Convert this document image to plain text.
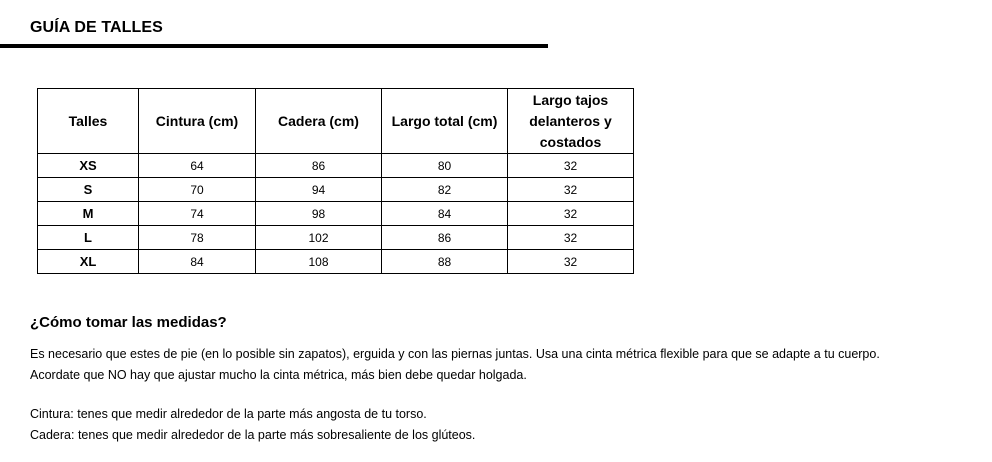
GUÍA DE TALLES
Talles	Cintura (cm)	Cadera (cm)	Largo total (cm)	Largo tajos delanteros y costados
XS	64	86	80	32
S	70	94	82	32
M	74	98	84	32
L	78	102	86	32
XL	84	108	88	32
¿Cómo tomar las medidas?
Es necesario que estes de pie (en lo posible sin zapatos), erguida y con las piernas juntas. Usa una cinta métrica flexible para que se adapte a tu cuerpo.
Acordate que NO hay que ajustar mucho la cinta métrica, más bien debe quedar holgada.
Cintura: tenes que medir alrededor de la parte más angosta de tu torso.
Cadera: tenes que medir alrededor de la parte más sobresaliente de los glúteos.
